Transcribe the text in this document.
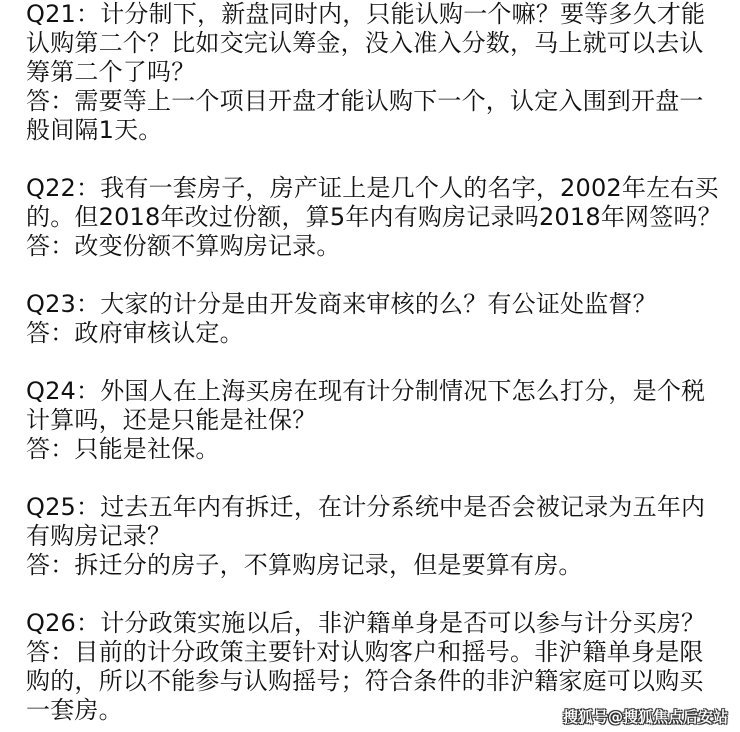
Q21：计分制下，新盘同时内，只能认购一个嘛？要等多久才能
认购第二个？比如交完认筹金，没入准入分数，马上就可以去认
筹第二个了吗？
答：需要等上一个项目开盘才能认购下一个，认定入围到开盘一
般间隔1天。
Q22：我有一套房子，房产证上是几个人的名字，2002年左右买
的。但2018年改过份额，算5年内有购房记录吗2018年网签吗？
答：改变份额不算购房记录。
Q23：大家的计分是由开发商来审核的么？有公证处监督？
答：政府审核认定。
Q24：外国人在上海买房在现有计分制情况下怎么打分，是个税
计算吗，还是只能是社保？
答：只能是社保。
Q25：过去五年内有拆迁，在计分系统中是否会被记录为五年内
有购房记录？
答：拆迁分的房子，不算购房记录，但是要算有房。
Q26：计分政策实施以后，非沪籍单身是否可以参与计分买房？
答：目前的计分政策主要针对认购客户和摇号。非沪籍单身是限
购的，所以不能参与认购摇号；符合条件的非沪籍家庭可以购买
一套房。	搜狐号@搜狐焦点后安站
